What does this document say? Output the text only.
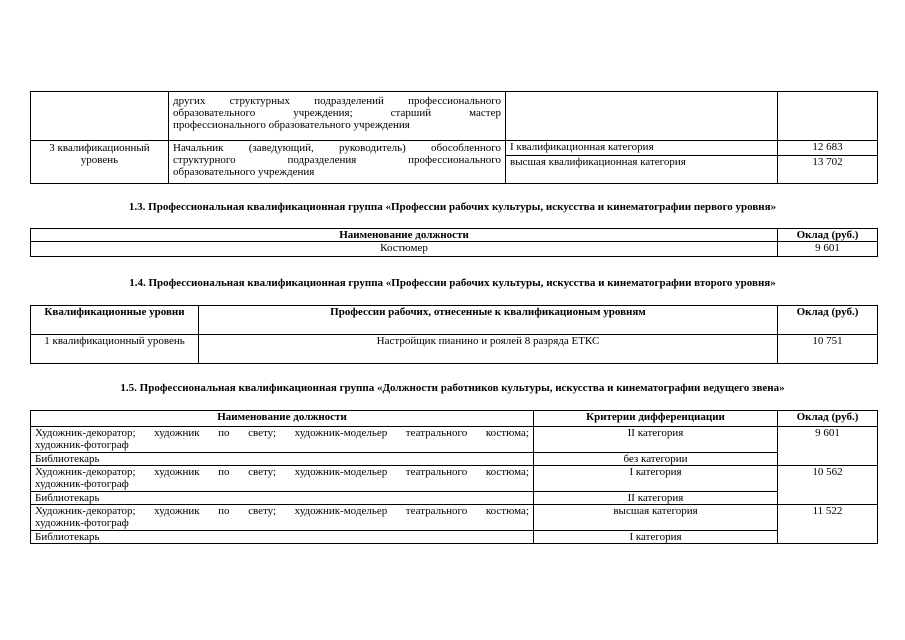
	других структурных подразделений профессионального
образовательного учреждения; старший мастер
профессионального образовательного учреждения		

3 квалификационный уровень	Начальник (заведующий, руководитель) обособленного
структурного подразделения профессионального
образовательного учреждения	I квалификационная категория	12 683
		высшая квалификационная категория	13 702
1.3. Профессиональная квалификационная группа «Профессии рабочих культуры, искусства и кинематографии первого уровня»
Наименование должности	Оклад (руб.)
Костюмер	9 601
1.4. Профессиональная квалификационная группа «Профессии рабочих культуры, искусства и кинематографии второго уровня»
Квалификационные уровни	Профессии рабочих, отнесенные к квалификационым уровням	Оклад (руб.)
1 квалификационный уровень	Настройщик пианино и роялей 8 разряда ЕТКС	10 751
1.5. Профессиональная квалификационная группа «Должности работников культуры, искусства и кинематографии ведущего звена»
Наименование должности	Критерии дифференциации	Оклад (руб.)

Художник-декоратор; художник по свету; художник-модельер театрального костюма;
художник-фотограф	II категория	9 601
Библиотекарь	без категории	

Художник-декоратор; художник по свету; художник-модельер театрального костюма;
художник-фотограф	I категория	10 562
Библиотекарь	II категория	

Художник-декоратор; художник по свету; художник-модельер театрального костюма;
художник-фотограф	высшая категория	11 522
Библиотекарь	I категория	
